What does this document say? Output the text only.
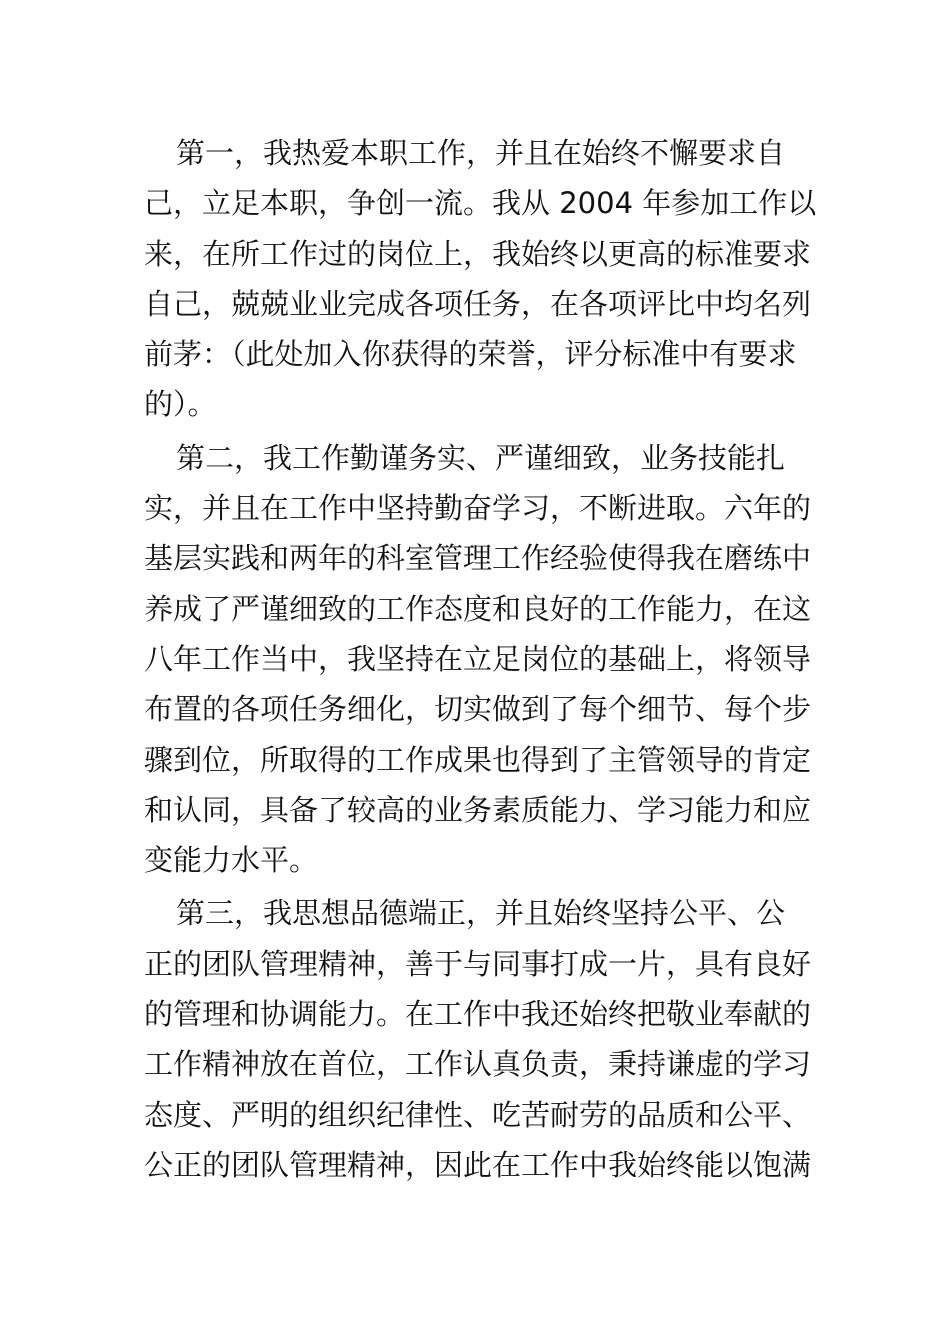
第一，我热爱本职工作，并且在始终不懈要求自
己，立足本职，争创一流。我从 2004 年参加工作以
来，在所工作过的岗位上，我始终以更高的标准要求
自己，兢兢业业完成各项任务，在各项评比中均名列
前茅：（此处加入你获得的荣誉，评分标准中有要求
的）。
第二，我工作勤谨务实、严谨细致，业务技能扎
实，并且在工作中坚持勤奋学习，不断进取。六年的
基层实践和两年的科室管理工作经验使得我在磨练中
养成了严谨细致的工作态度和良好的工作能力，在这
八年工作当中，我坚持在立足岗位的基础上，将领导
布置的各项任务细化，切实做到了每个细节、每个步
骤到位，所取得的工作成果也得到了主管领导的肯定
和认同，具备了较高的业务素质能力、学习能力和应
变能力水平。
第三，我思想品德端正，并且始终坚持公平、公
正的团队管理精神，善于与同事打成一片，具有良好
的管理和协调能力。在工作中我还始终把敬业奉献的
工作精神放在首位，工作认真负责，秉持谦虚的学习
态度、严明的组织纪律性、吃苦耐劳的品质和公平、
公正的团队管理精神，因此在工作中我始终能以饱满
